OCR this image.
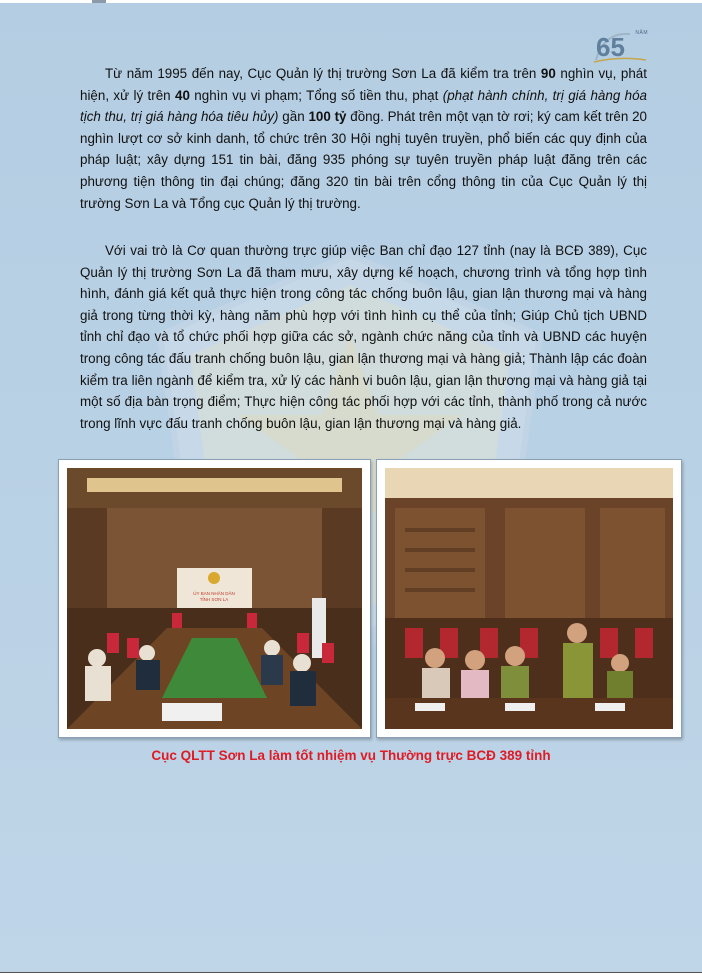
65 NĂM

Từ năm 1995 đến nay, Cục Quản lý thị trường Sơn La đã kiểm tra trên 90 nghìn vụ, phát hiện, xử lý trên 40 nghìn vụ vi phạm; Tổng số tiền thu, phạt (phạt hành chính, trị giá hàng hóa tịch thu, trị giá hàng hóa tiêu hủy) gần 100 tỷ đồng. Phát trên một vạn tờ rơi; ký cam kết trên 20 nghìn lượt cơ sở kinh danh, tổ chức trên 30 Hội nghị tuyên truyền, phổ biến các quy định của pháp luật; xây dựng 151 tin bài, đăng 935 phóng sự tuyên truyền pháp luật đăng trên các phương tiện thông tin đại chúng; đăng 320 tin bài trên cổng thông tin của Cục Quản lý thị trường Sơn La và Tổng cục Quản lý thị trường.

Với vai trò là Cơ quan thường trực giúp việc Ban chỉ đạo 127 tỉnh (nay là BCĐ 389), Cục Quản lý thị trường Sơn La đã tham mưu, xây dựng kế hoạch, chương trình và tổng hợp tình hình, đánh giá kết quả thực hiện trong công tác chống buôn lậu, gian lận thương mại và hàng giả trong từng thời kỳ, hàng năm phù hợp với tình hình cụ thể của tỉnh; Giúp Chủ tịch UBND tỉnh chỉ đạo và tổ chức phối hợp giữa các sở, ngành chức năng của tỉnh và UBND các huyện trong công tác đấu tranh chống buôn lậu, gian lận thương mại và hàng giả; Thành lập các đoàn kiểm tra liên ngành để kiểm tra, xử lý các hành vi buôn lậu, gian lận thương mại và hàng giả tại một số địa bàn trọng điểm; Thực hiện công tác phối hợp với các tỉnh, thành phố trong cả nước trong lĩnh vực đấu tranh chống buôn lậu, gian lận thương mại và hàng giả.

ỦY BAN NHÂN DÂN
TỈNH SƠN LA
Cục QLTT Sơn La làm tốt nhiệm vụ Thường trực BCĐ 389 tỉnh
